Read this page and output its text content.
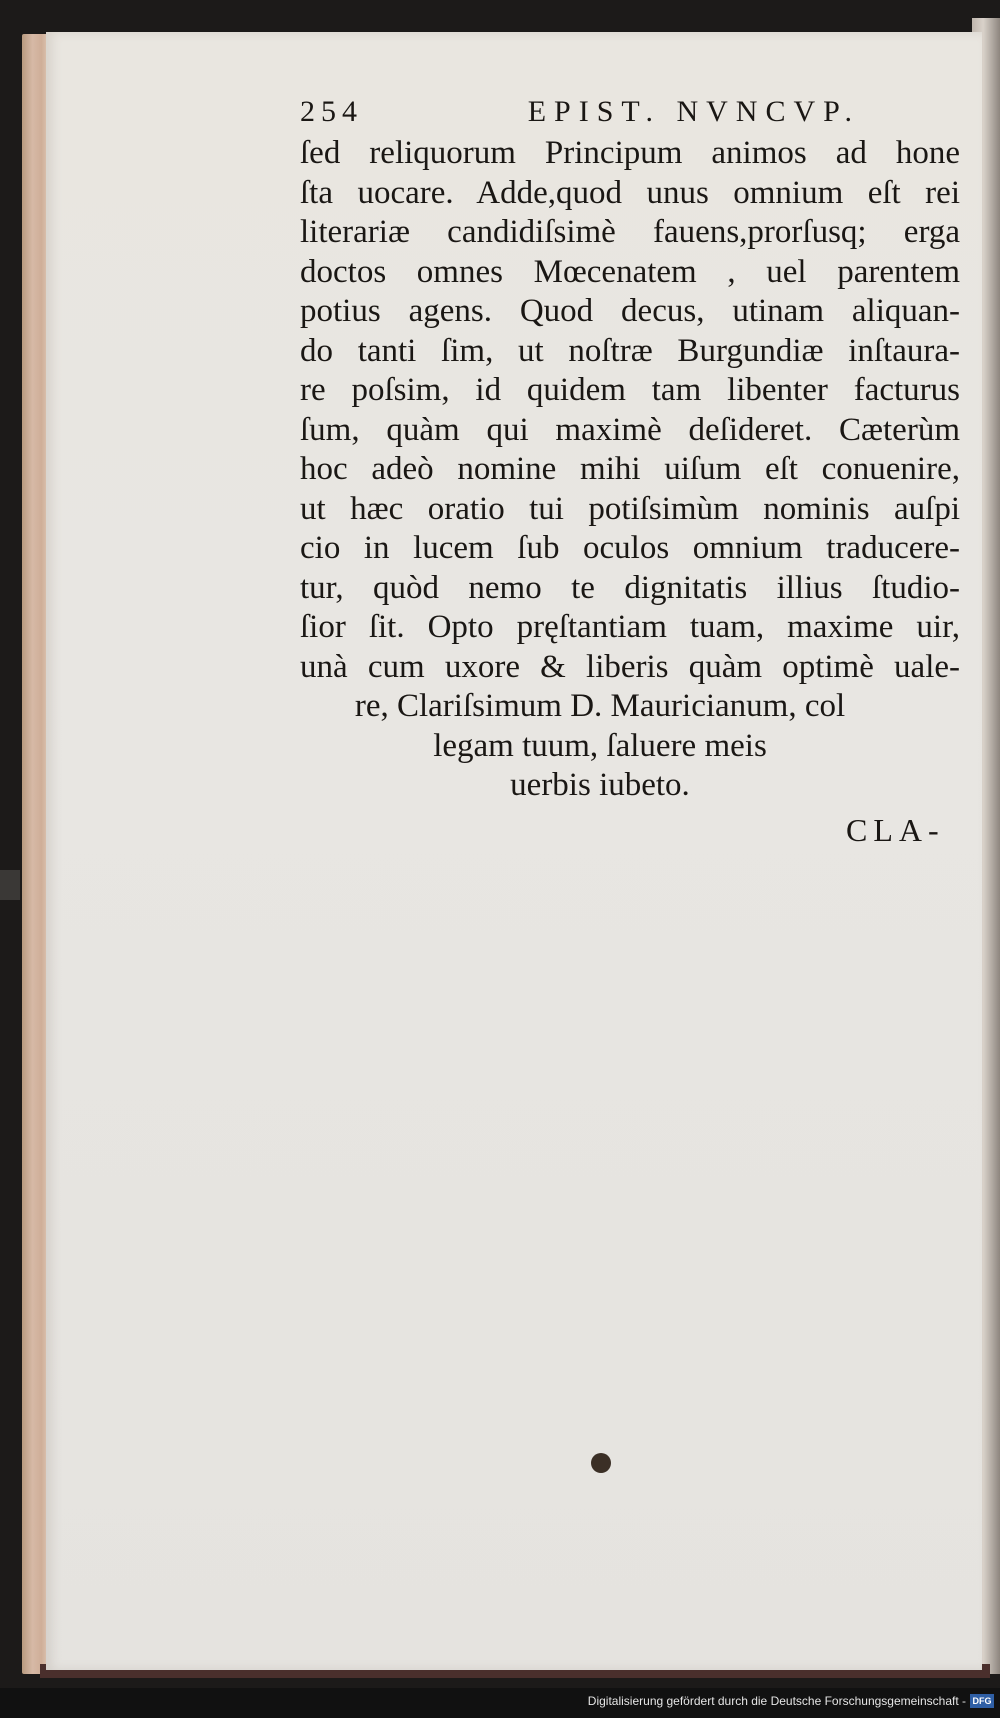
254	EPIST. NVNCVP.
ſed reliquorum Principum animos ad hone
ſta uocare. Adde,quod unus omnium eſt rei
literariæ candidiſsimè fauens,prorſusq; erga
doctos omnes Mœcenatem , uel parentem
potius agens. Quod decus, utinam aliquan-
do tanti ſim, ut noſtræ Burgundiæ inſtaura-
re poſsim, id quidem tam libenter facturus
ſum, quàm qui maximè deſideret. Cæterùm
hoc adeò nomine mihi uiſum eſt conuenire,
ut hæc oratio tui potiſsimùm nominis auſpi
cio in lucem ſub oculos omnium traducere-
tur, quòd nemo te dignitatis illius ſtudio-
ſior ſit. Opto pręſtantiam tuam, maxime uir,
unà cum uxore & liberis quàm optimè uale-
re, Clariſsimum D. Mauricianum, col
legam tuum, ſaluere meis
uerbis iubeto.
CLA-
Digitalisierung gefördert durch die Deutsche Forschungsgemeinschaft - DFG
